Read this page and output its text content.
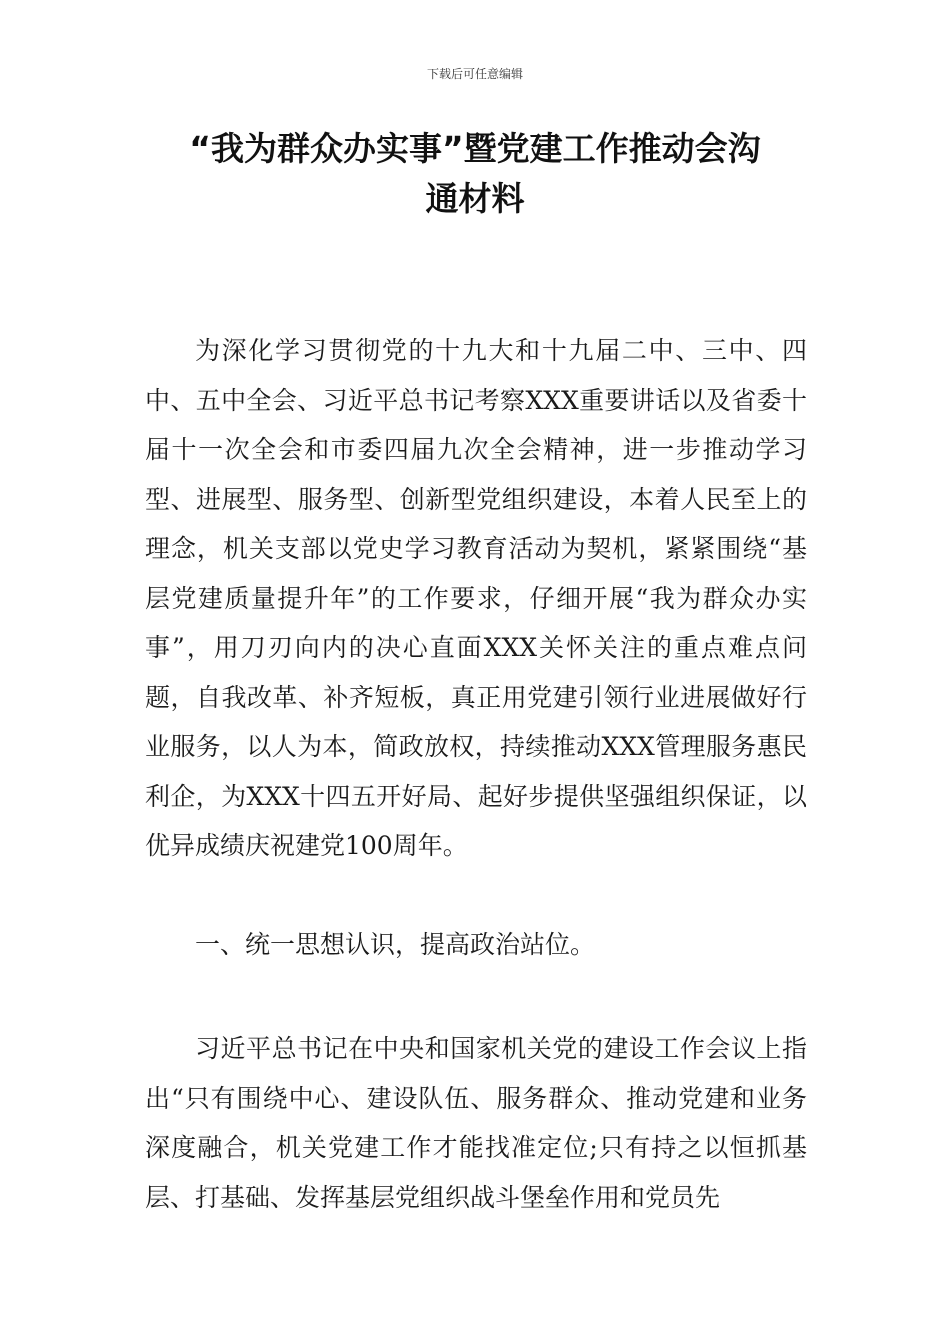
下载后可任意编辑
“我为群众办实事”暨党建工作推动会沟
通材料

为深化学习贯彻党的十九大和十九届二中、三中、四中、五中全会、习近平总书记考察XXX重要讲话以及省委十届十一次全会和市委四届九次全会精神，进一步推动学习型、进展型、服务型、创新型党组织建设，本着人民至上的理念，机关支部以党史学习教育活动为契机，紧紧围绕“基层党建质量提升年”的工作要求，仔细开展“我为群众办实事”，用刀刃向内的决心直面XXX关怀关注的重点难点问题，自我改革、补齐短板，真正用党建引领行业进展做好行业服务，以人为本，简政放权，持续推动XXX管理服务惠民利企，为XXX十四五开好局、起好步提供坚强组织保证，以优异成绩庆祝建党100周年。

一、统一思想认识，提高政治站位。

习近平总书记在中央和国家机关党的建设工作会议上指出“只有围绕中心、建设队伍、服务群众、推动党建和业务深度融合，机关党建工作才能找准定位;只有持之以恒抓基层、打基础、发挥基层党组织战斗堡垒作用和党员先
